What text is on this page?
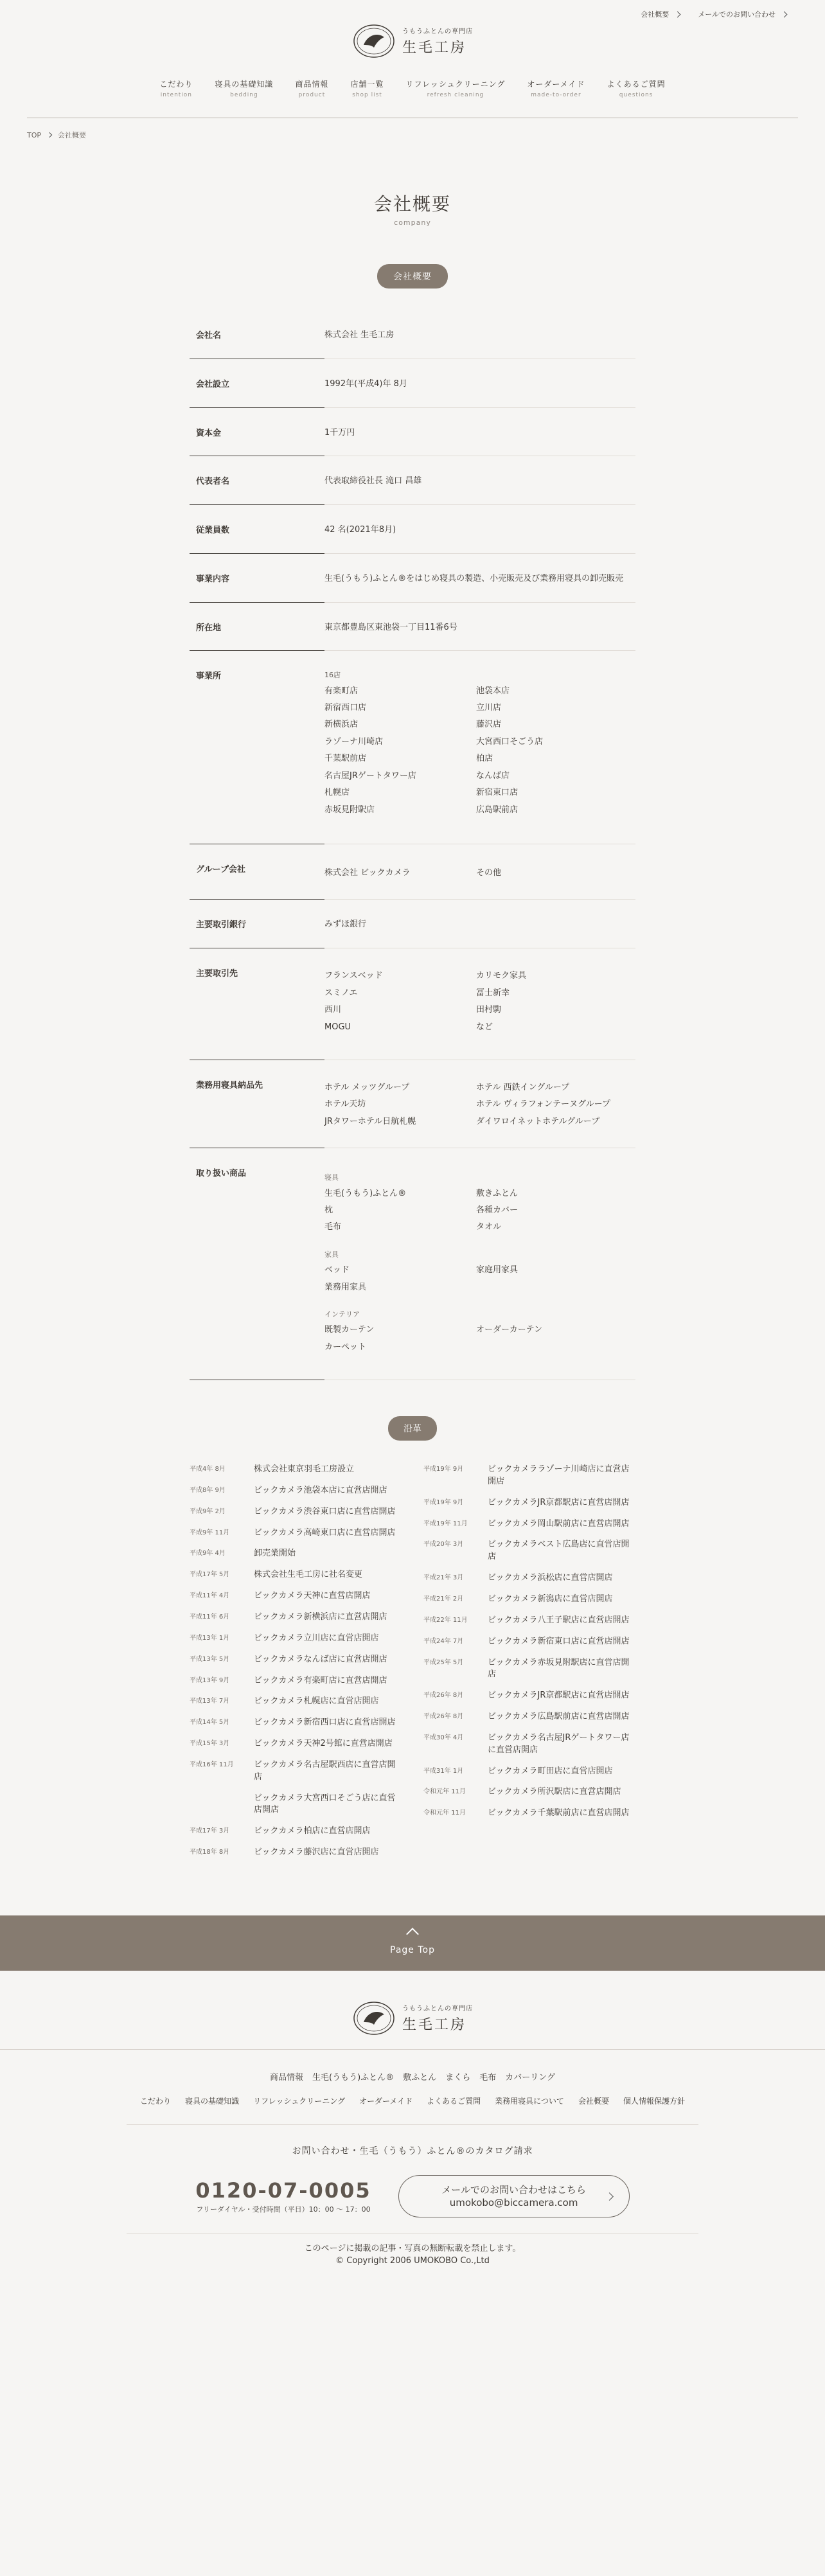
会社概要	メールでのお問い合わせ
うもうふとんの専門店
生毛工房
こだわり
intention
寝具の基礎知識
bedding
商品情報
product
店舗一覧
shop list
リフレッシュクリーニング
refresh cleaning
オーダーメイド
made-to-order
よくあるご質問
questions
TOP 会社概要
会社概要
company
会社概要
会社名	株式会社 生毛工房
会社設立	1992年(平成4)年 8月
資本金	1千万円
代表者名	代表取締役社長 滝口 昌雄
従業員数	42 名(2021年8月)
事業内容	生毛(うもう)ふとん®をはじめ寝具の製造、小売販売及び業務用寝具の卸売販売
所在地	東京都豊島区東池袋一丁目11番6号
事業所	16店
有楽町店	池袋本店
新宿西口店	立川店
新横浜店	藤沢店
ラゾーナ川崎店	大宮西口そごう店
千葉駅前店	柏店
名古屋JRゲートタワー店	なんば店
札幌店	新宿東口店
赤坂見附駅店	広島駅前店
グループ会社	株式会社 ビックカメラ	その他
主要取引銀行	みずほ銀行
主要取引先	フランスベッド	カリモク家具
スミノエ	冨士新幸
西川	田村駒
MOGU	など
業務用寝具納品先	ホテル メッツグループ	ホテル 西鉄イングループ
ホテル天坊	ホテル ヴィラフォンテーヌグループ
JRタワーホテル日航札幌	ダイワロイネットホテルグループ
取り扱い商品	寝具
生毛(うもう)ふとん®	敷きふとん
枕	各種カバー
毛布	タオル
家具
ベッド	家庭用家具
業務用家具
インテリア
既製カーテン	オーダーカーテン
カーペット
沿革
平成4年 8月	株式会社東京羽毛工房設立
平成8年 9月	ビックカメラ池袋本店に直営店開店
平成9年 2月	ビックカメラ渋谷東口店に直営店開店
平成9年 11月	ビックカメラ高崎東口店に直営店開店
平成9年 4月	卸売業開始
平成17年 5月	株式会社生毛工房に社名変更
平成11年 4月	ビックカメラ天神に直営店開店
平成11年 6月	ビックカメラ新横浜店に直営店開店
平成13年 1月	ビックカメラ立川店に直営店開店
平成13年 5月	ビックカメラなんば店に直営店開店
平成13年 9月	ビックカメラ有楽町店に直営店開店
平成13年 7月	ビックカメラ札幌店に直営店開店
平成14年 5月	ビックカメラ新宿西口店に直営店開店
平成15年 3月	ビックカメラ天神2号館に直営店開店
平成16年 11月	ビックカメラ名古屋駅西店に直営店開店
ビックカメラ大宮西口そごう店に直営店開店
平成17年 3月	ビックカメラ柏店に直営店開店
平成18年 8月	ビックカメラ藤沢店に直営店開店
平成19年 9月	ビックカメララゾーナ川崎店に直営店開店
平成19年 9月	ビックカメラJR京都駅店に直営店開店
平成19年 11月	ビックカメラ岡山駅前店に直営店開店
平成20年 3月	ビックカメラベスト広島店に直営店開店
平成21年 3月	ビックカメラ浜松店に直営店開店
平成21年 2月	ビックカメラ新潟店に直営店開店
平成22年 11月	ビックカメラ八王子駅店に直営店開店
平成24年 7月	ビックカメラ新宿東口店に直営店開店
平成25年 5月	ビックカメラ赤坂見附駅店に直営店開店
平成26年 8月	ビックカメラJR京都駅店に直営店開店
平成26年 8月	ビックカメラ広島駅前店に直営店開店
平成30年 4月	ビックカメラ名古屋JRゲートタワー店に直営店開店
平成31年 1月	ビックカメラ町田店に直営店開店
令和元年 11月	ビックカメラ所沢駅店に直営店開店
令和元年 11月	ビックカメラ千葉駅前店に直営店開店
Page Top
うもうふとんの専門店
生毛工房
商品情報 生毛(うもう)ふとん® 敷ふとん まくら 毛布 カバーリング
こだわり 寝具の基礎知識 リフレッシュクリーニング オーダーメイド よくあるご質問 業務用寝具について 会社概要 個人情報保護方針
お問い合わせ・生毛（うもう）ふとん®のカタログ請求
0120-07-0005
フリーダイヤル・受付時間（平日）10：00 〜 17：00
メールでのお問い合わせはこちら
umokobo@biccamera.com
このページに掲載の記事・写真の無断転載を禁止します。
© Copyright 2006 UMOKOBO Co.,Ltd
